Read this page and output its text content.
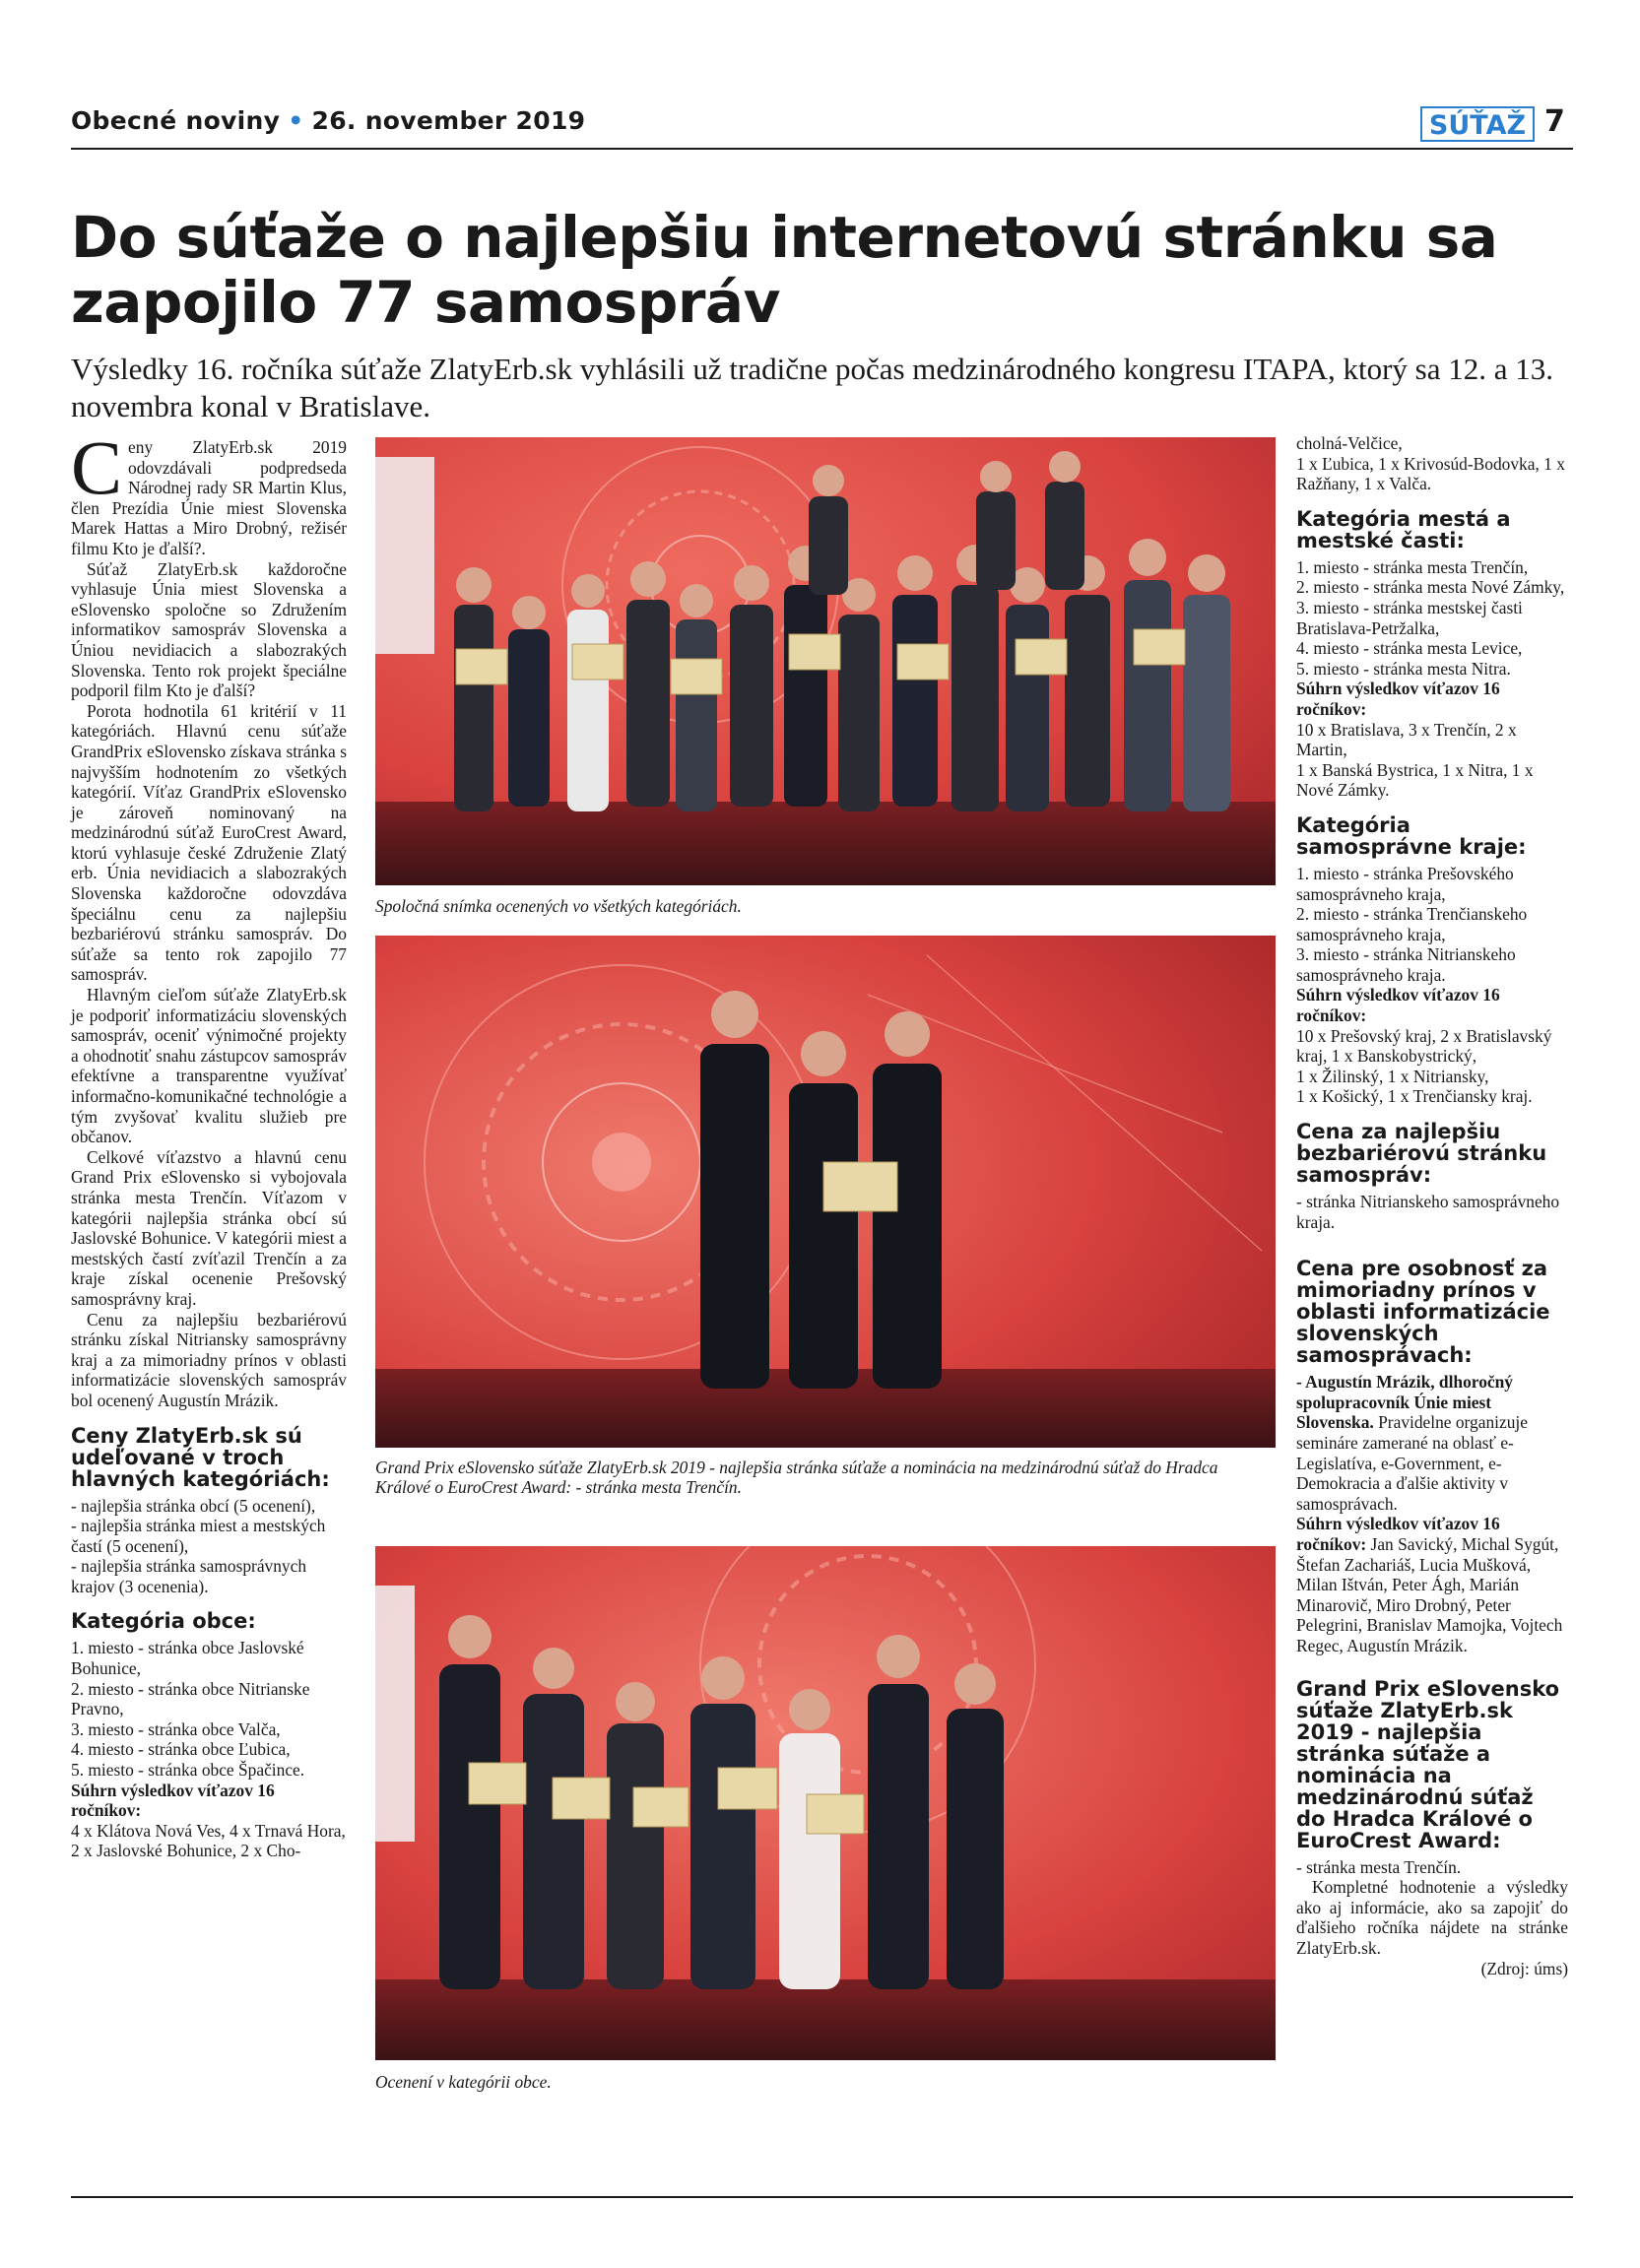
Obecné noviny • 26. november 2019	SÚŤAŽ 7
Do súťaže o najlepšiu internetovú stránku sa zapojilo 77 samospráv
Výsledky 16. ročníka súťaže ZlatyErb.sk vyhlásili už tradične počas medzinárodného kongresu ITAPA, ktorý sa 12. a 13. novembra konal v Bratislave.

Ceny ZlatyErb.sk 2019 odovzdávali podpredseda Národnej rady SR Martin Klus, člen Prezídia Únie miest Slovenska Marek Hattas a Miro Drobný, režisér filmu Kto je ďalší?.

Súťaž ZlatyErb.sk každoročne vyhlasuje Únia miest Slovenska a eSlovensko spoločne so Združením informatikov samospráv Slovenska a Úniou nevidiacich a slabozrakých Slovenska. Tento rok projekt špeciálne podporil film Kto je ďalší?

Porota hodnotila 61 kritérií v 11 kategóriách. Hlavnú cenu súťaže GrandPrix eSlovensko získava stránka s najvyšším hodnotením zo všetkých kategórií. Víťaz GrandPrix eSlovensko je zároveň nominovaný na medzinárodnú súťaž EuroCrest Award, ktorú vyhlasuje české Združenie Zlatý erb. Únia nevidiacich a slabozrakých Slovenska každoročne odovzdáva špeciálnu cenu za najlepšiu bezbariérovú stránku samospráv. Do súťaže sa tento rok zapojilo 77 samospráv.

Hlavným cieľom súťaže ZlatyErb.sk je podporiť informatizáciu slovenských samospráv, oceniť výnimočné projekty a ohodnotiť snahu zástupcov samospráv efektívne a transparentne využívať informačno-komunikačné technológie a tým zvyšovať kvalitu služieb pre občanov.

Celkové víťazstvo a hlavnú cenu Grand Prix eSlovensko si vybojovala stránka mesta Trenčín. Víťazom v kategórii najlepšia stránka obcí sú Jaslovské Bohunice. V kategórii miest a mestských častí zvíťazil Trenčín a za kraje získal ocenenie Prešovský samosprávny kraj.

Cenu za najlepšiu bezbariérovú stránku získal Nitriansky samosprávny kraj a za mimoriadny prínos v oblasti informatizácie slovenských samospráv bol ocenený Augustín Mrázik.

Ceny ZlatyErb.sk sú udeľované v troch hlavných kategóriách:

- najlepšia stránka obcí (5 ocenení),

- najlepšia stránka miest a mestských častí (5 ocenení),

- najlepšia stránka samosprávnych krajov (3 ocenenia).

Kategória obce:

1. miesto - stránka obce Jaslovské Bohunice,

2. miesto - stránka obce Nitrianske Pravno,

3. miesto - stránka obce Valča,

4. miesto - stránka obce Ľubica,

5. miesto - stránka obce Špačince.

Súhrn výsledkov víťazov 16 ročníkov:

4 x Klátova Nová Ves, 4 x Trnavá Hora,

2 x Jaslovské Bohunice, 2 x Cho-

Spoločná snímka ocenených vo všetkých kategóriách.
Grand Prix eSlovensko súťaže ZlatyErb.sk 2019 - najlepšia stránka súťaže a nominácia na medzinárodnú súťaž do Hradca Králové o EuroCrest Award: - stránka mesta Trenčín.
Ocenení v kategórii obce.

cholná-Velčice,

1 x Ľubica, 1 x Krivosúd-Bodovka, 1 x Ražňany, 1 x Valča.

Kategória mestá a mestské časti:

1. miesto - stránka mesta Trenčín,

2. miesto - stránka mesta Nové Zámky,

3. miesto - stránka mestskej časti Bratislava-Petržalka,

4. miesto - stránka mesta Levice,

5. miesto - stránka mesta Nitra.

Súhrn výsledkov víťazov 16 ročníkov:

10 x Bratislava, 3 x Trenčín, 2 x Martin,

1 x Banská Bystrica, 1 x Nitra, 1 x Nové Zámky.

Kategória samosprávne kraje:

1. miesto - stránka Prešovského samosprávneho kraja,

2. miesto - stránka Trenčianskeho samosprávneho kraja,

3. miesto - stránka Nitrianskeho samosprávneho kraja.

Súhrn výsledkov víťazov 16 ročníkov:

10 x Prešovský kraj, 2 x Bratislavský kraj, 1 x Banskobystrický,

1 x Žilinský, 1 x Nitriansky,

1 x Košický, 1 x Trenčiansky kraj.

Cena za najlepšiu bezbariérovú stránku samospráv:

- stránka Nitrianskeho samosprávneho kraja.

Cena pre osobnosť za mimoriadny prínos v oblasti informatizácie slovenských samosprávach:

- Augustín Mrázik, dlhoročný spolupracovník Únie miest Slovenska. Pravidelne organizuje semináre zamerané na oblasť e-Legislatíva, e-Government, e-Demokracia a ďalšie aktivity v samosprávach.

Súhrn výsledkov víťazov 16 ročníkov: Jan Savický, Michal Sygút, Štefan Zachariáš, Lucia Mušková, Milan Ištván, Peter Ágh, Marián Minarovič, Miro Drobný, Peter Pelegrini, Branislav Mamojka, Vojtech Regec, Augustín Mrázik.

Grand Prix eSlovensko súťaže ZlatyErb.sk 2019 - najlepšia stránka súťaže a nominácia na medzinárodnú súťaž do Hradca Králové o EuroCrest Award:

- stránka mesta Trenčín.

Kompletné hodnotenie a výsledky ako aj informácie, ako sa zapojiť do ďalšieho ročníka nájdete na stránke ZlatyErb.sk.

(Zdroj: úms)
